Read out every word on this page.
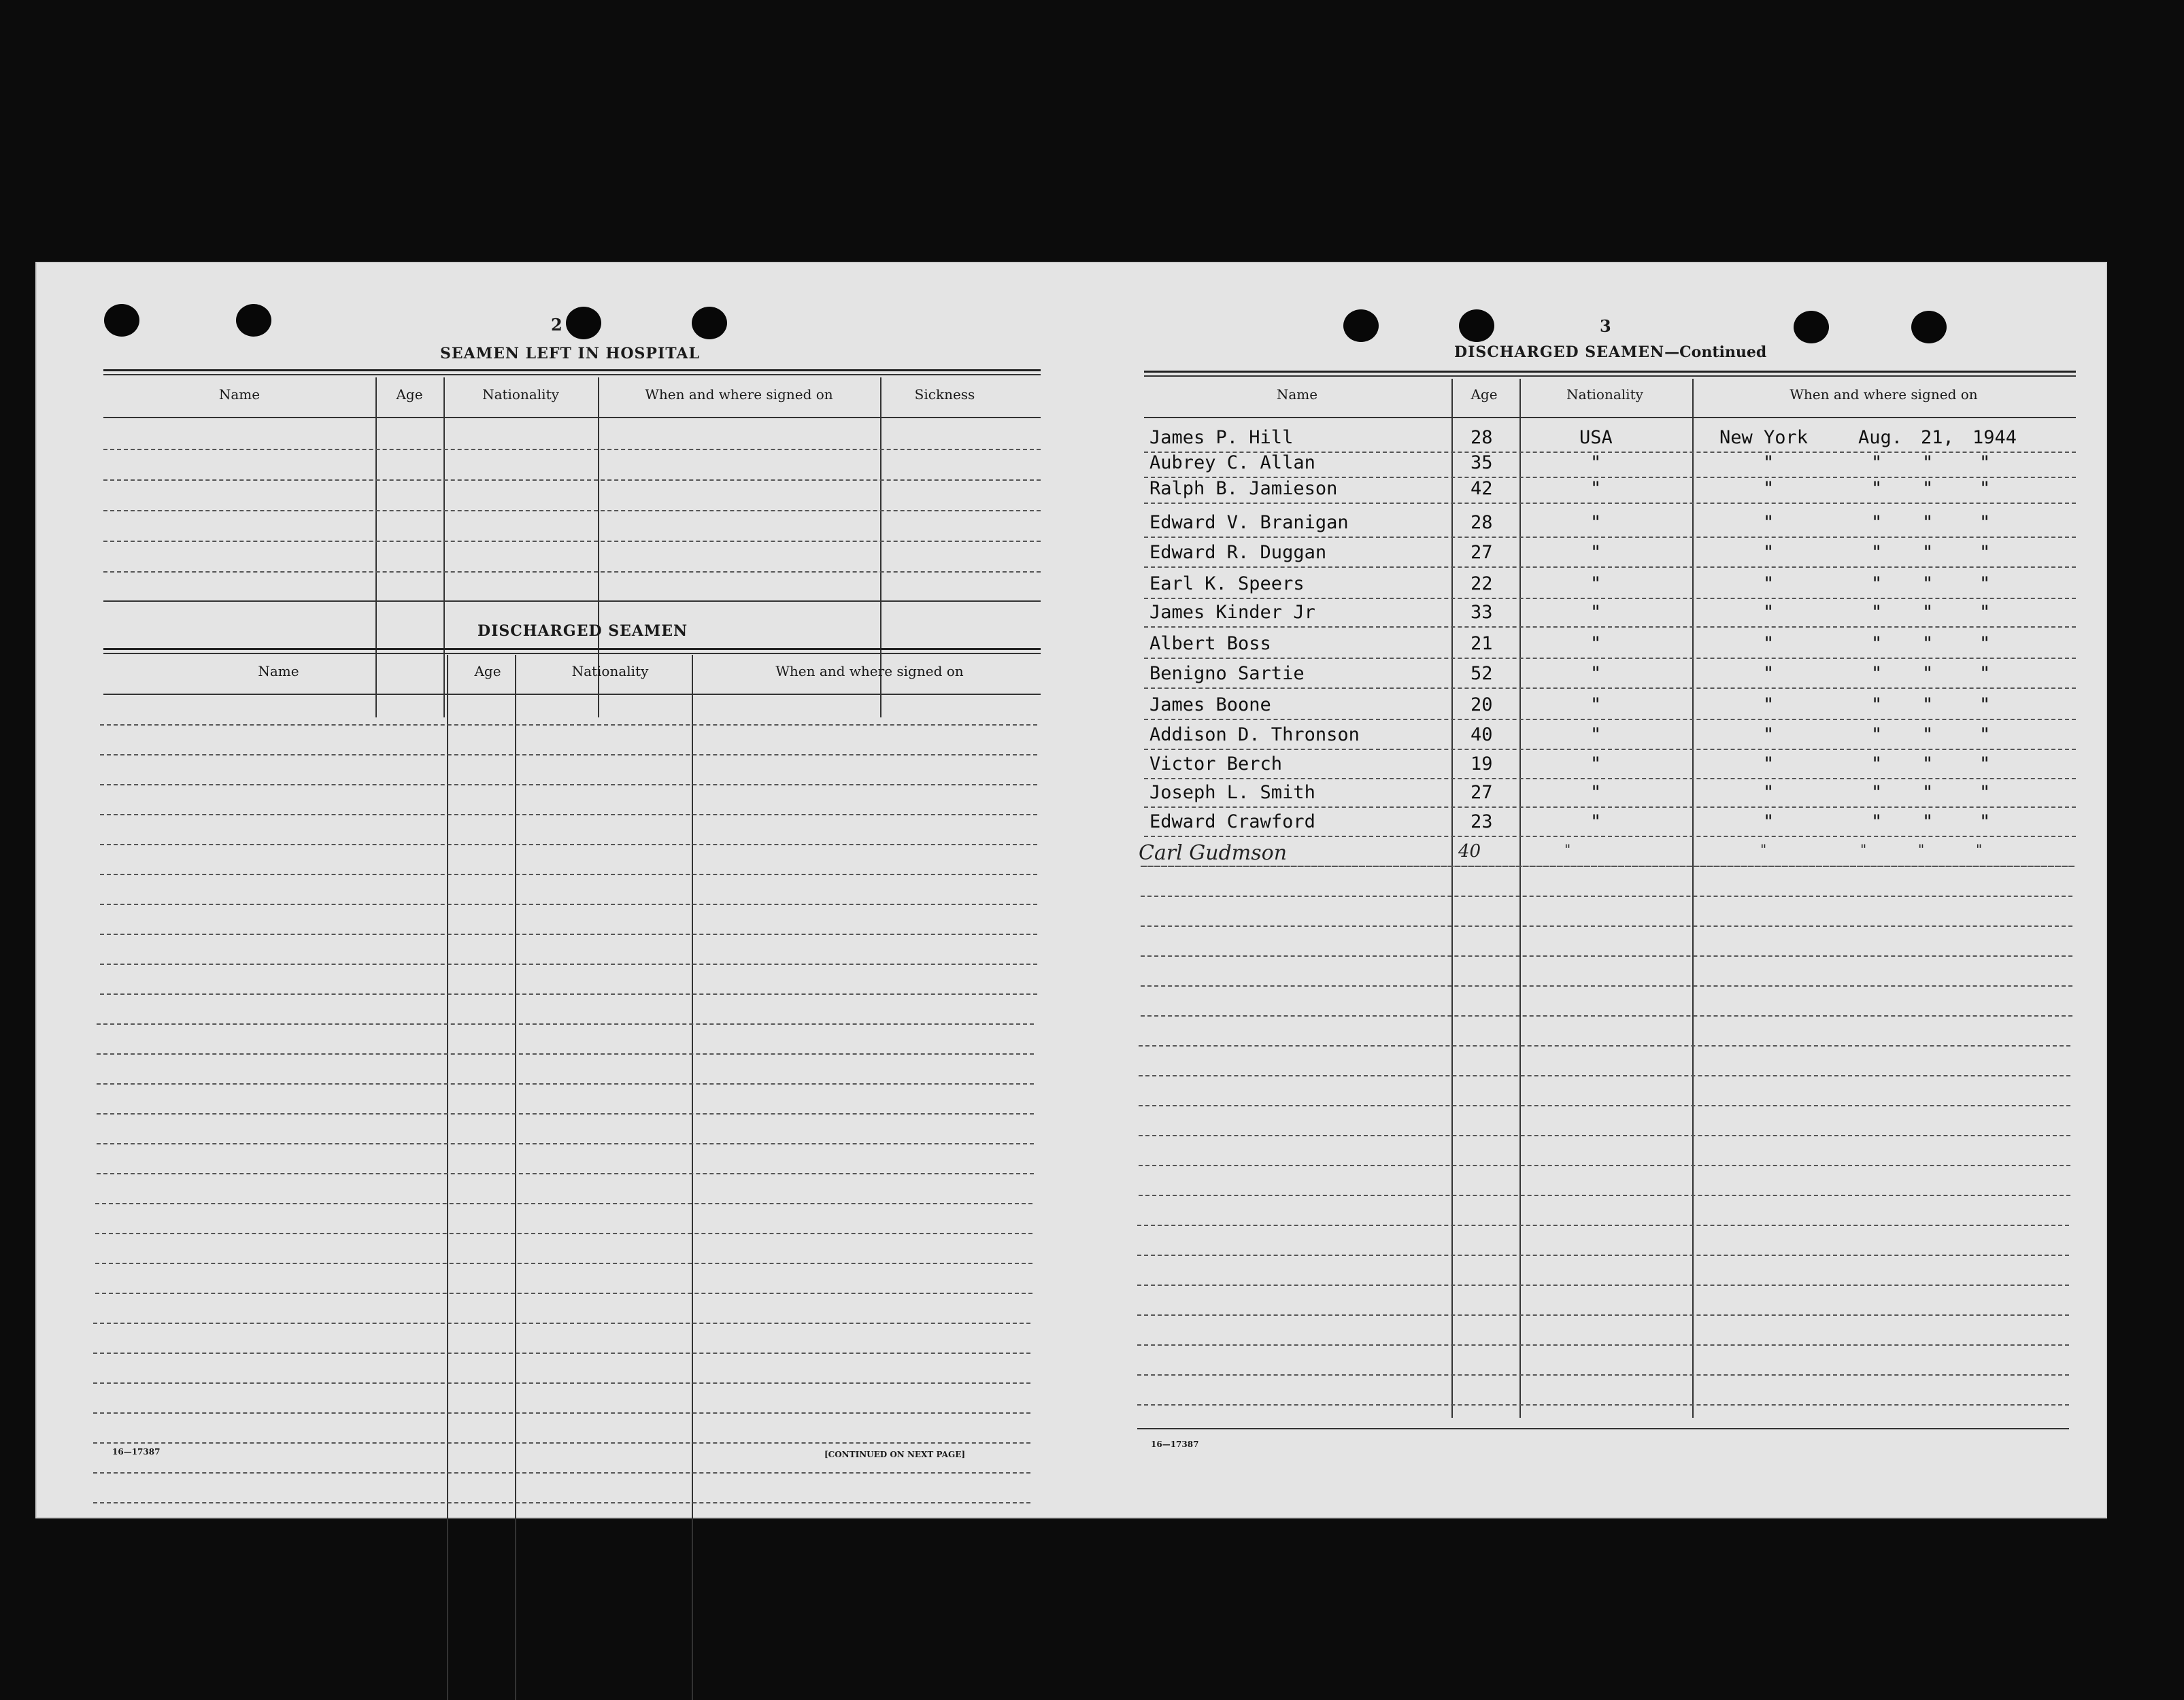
2
SEAMEN LEFT IN HOSPITAL
Name	Age	Nationality	When and where signed on	Sickness
DISCHARGED SEAMEN
Name	Age	Nationality	When and where signed on
16—17387	[CONTINUED ON NEXT PAGE]
3
DISCHARGED SEAMEN—Continued
Name	Age	Nationality	When and where signed on
James P. Hill	28	USA	New York	Aug. 21, 1944
Aubrey C. Allan	35	"	"	" "	"
Ralph B. Jamieson	42	"	"	" "	"
Edward V. Branigan	28	"	"	" "	"
Edward R. Duggan	27	"	"	" "	"
Earl K. Speers	22	"	"	" "	"
James Kinder Jr	33	"	"	" "	"
Albert Boss	21	"	"	" "	"
Benigno Sartie	52	"	"	" "	"
James Boone	20	"	"	" "	"
Addison D. Thronson	40	"	"	" "	"
Victor Berch	19	"	"	" "	"
Joseph L. Smith	27	"	"	" "	"
Edward Crawford	23	"	"	" "	"
Carl Gudmson	40	"	"	"	"	"
16—17387
